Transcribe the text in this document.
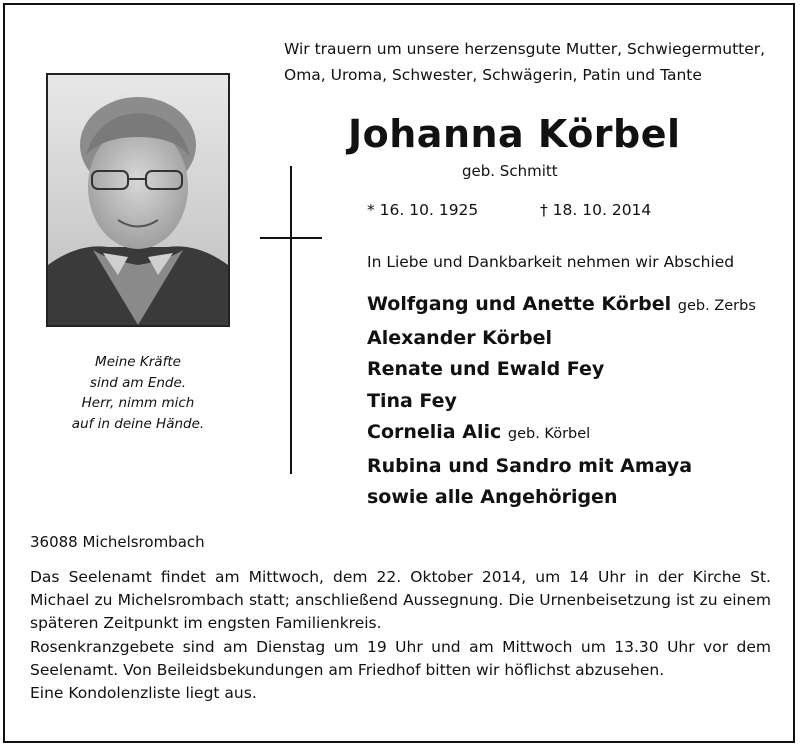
Wir trauern um unsere herzensgute Mutter, Schwiegermutter,
Oma, Uroma, Schwester, Schwägerin, Patin und Tante
Johanna Körbel
geb. Schmitt
* 16. 10. 1925	† 18. 10. 2014
In Liebe und Dankbarkeit nehmen wir Abschied
Wolfgang und Anette Körbel geb. Zerbs
Alexander Körbel
Renate und Ewald Fey
Tina Fey
Cornelia Alic geb. Körbel
Rubina und Sandro mit Amaya
sowie alle Angehörigen
Meine Kräfte
sind am Ende.
Herr, nimm mich
auf in deine Hände.
36088 Michelsrombach

Das Seelenamt findet am Mittwoch, dem 22. Oktober 2014, um 14 Uhr in der Kirche St. Michael zu Michelsrombach statt; anschließend Aussegnung. Die Urnenbeisetzung ist zu einem späteren Zeitpunkt im engsten Familienkreis.

Rosenkranzgebete sind am Dienstag um 19 Uhr und am Mittwoch um 13.30 Uhr vor dem Seelenamt. Von Beileidsbekundungen am Friedhof bitten wir höflichst abzusehen.

Eine Kondolenzliste liegt aus.
